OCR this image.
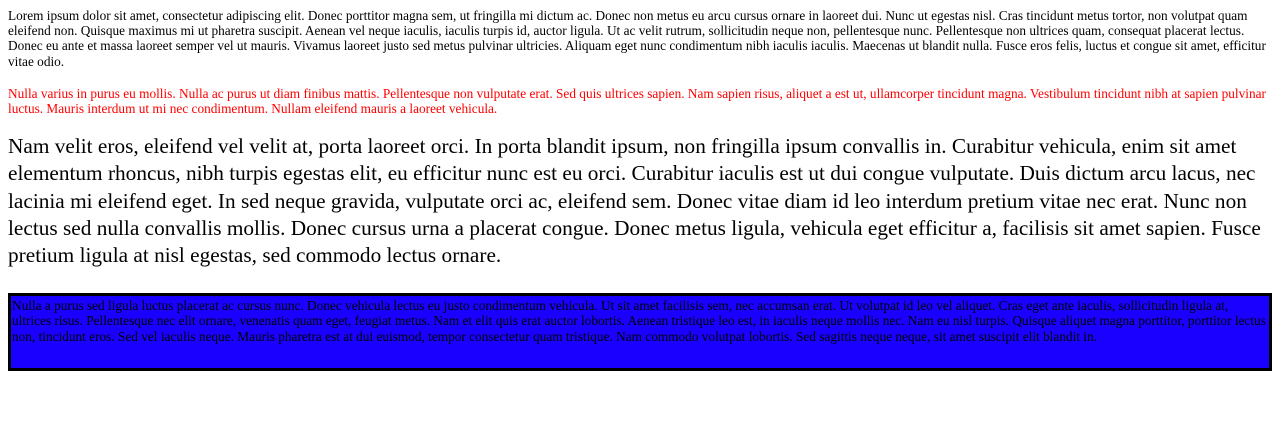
Lorem ipsum dolor sit amet, consectetur adipiscing elit. Donec porttitor magna sem, ut fringilla mi dictum ac. Donec non metus eu arcu cursus ornare in laoreet dui. Nunc ut egestas nisl. Cras tincidunt metus tortor, non volutpat quam eleifend non. Quisque maximus mi ut pharetra suscipit. Aenean vel neque iaculis, iaculis turpis id, auctor ligula. Ut ac velit rutrum, sollicitudin neque non, pellentesque nunc. Pellentesque non ultrices quam, consequat placerat lectus. Donec eu ante et massa laoreet semper vel ut mauris. Vivamus laoreet justo sed metus pulvinar ultricies. Aliquam eget nunc condimentum nibh iaculis iaculis. Maecenas ut blandit nulla. Fusce eros felis, luctus et congue sit amet, efficitur vitae odio.

Nulla varius in purus eu mollis. Nulla ac purus ut diam finibus mattis. Pellentesque non vulputate erat. Sed quis ultrices sapien. Nam sapien risus, aliquet a est ut, ullamcorper tincidunt magna. Vestibulum tincidunt nibh at sapien pulvinar luctus. Mauris interdum ut mi nec condimentum. Nullam eleifend mauris a laoreet vehicula.

Nam velit eros, eleifend vel velit at, porta laoreet orci. In porta blandit ipsum, non fringilla ipsum convallis in. Curabitur vehicula, enim sit amet elementum rhoncus, nibh turpis egestas elit, eu efficitur nunc est eu orci. Curabitur iaculis est ut dui congue vulputate. Duis dictum arcu lacus, nec lacinia mi eleifend eget. In sed neque gravida, vulputate orci ac, eleifend sem. Donec vitae diam id leo interdum pretium vitae nec erat. Nunc non lectus sed nulla convallis mollis. Donec cursus urna a placerat congue. Donec metus ligula, vehicula eget efficitur a, facilisis sit amet sapien. Fusce pretium ligula at nisl egestas, sed commodo lectus ornare.

Nulla a purus sed ligula luctus placerat ac cursus nunc. Donec vehicula lectus eu justo condimentum vehicula. Ut sit amet facilisis sem, nec accumsan erat. Ut volutpat id leo vel aliquet. Cras eget ante iaculis, sollicitudin ligula at, ultrices risus. Pellentesque nec elit ornare, venenatis quam eget, feugiat metus. Nam et elit quis erat auctor lobortis. Aenean tristique leo est, in iaculis neque mollis nec. Nam eu nisl turpis. Quisque aliquet magna porttitor, porttitor lectus non, tincidunt eros. Sed vel iaculis neque. Mauris pharetra est at dui euismod, tempor consectetur quam tristique. Nam commodo volutpat lobortis. Sed sagittis neque neque, sit amet suscipit elit blandit in.
